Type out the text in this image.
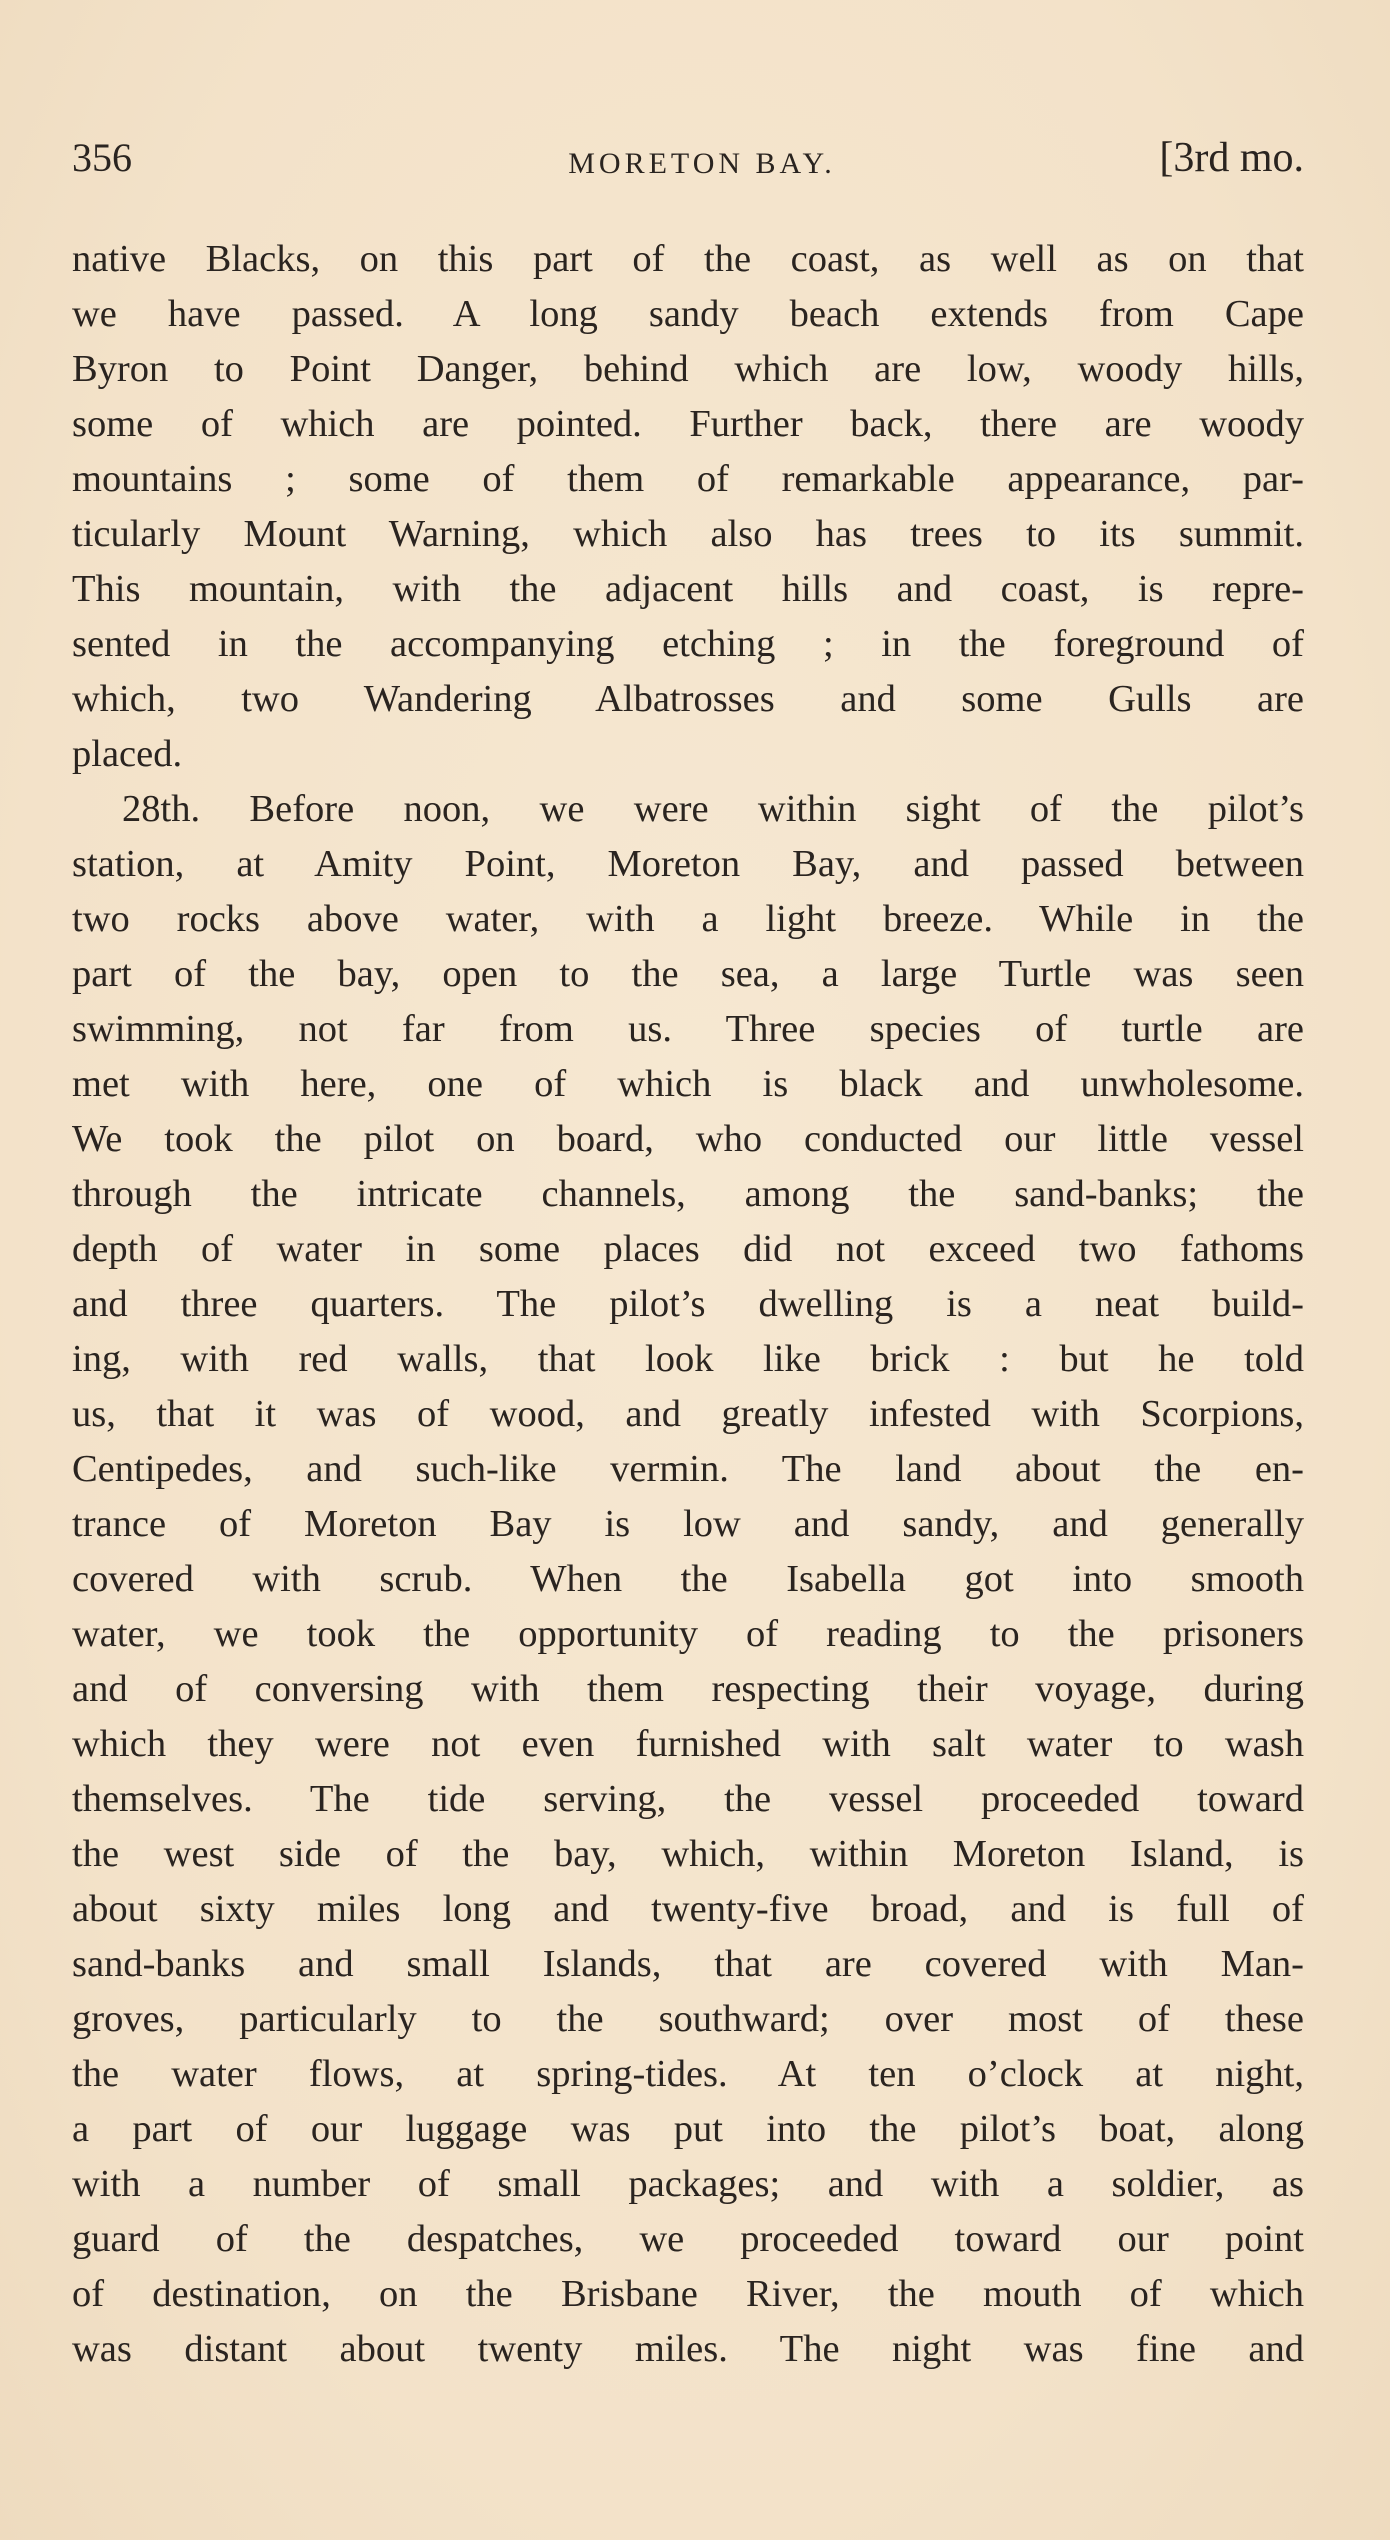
356	MORETON BAY.	[3rd mo.
native Blacks, on this part of the coast, as well as on that
we have passed. A long sandy beach extends from Cape
Byron to Point Danger, behind which are low, woody hills,
some of which are pointed. Further back, there are woody
mountains ; some of them of remarkable appearance, par-
ticularly Mount Warning, which also has trees to its summit.
This mountain, with the adjacent hills and coast, is repre-
sented in the accompanying etching ; in the foreground of
which, two Wandering Albatrosses and some Gulls are
placed.
28th. Before noon, we were within sight of the pilot’s
station, at Amity Point, Moreton Bay, and passed between
two rocks above water, with a light breeze. While in the
part of the bay, open to the sea, a large Turtle was seen
swimming, not far from us. Three species of turtle are
met with here, one of which is black and unwholesome.
We took the pilot on board, who conducted our little vessel
through the intricate channels, among the sand-banks; the
depth of water in some places did not exceed two fathoms
and three quarters. The pilot’s dwelling is a neat build-
ing, with red walls, that look like brick : but he told
us, that it was of wood, and greatly infested with Scorpions,
Centipedes, and such-like vermin. The land about the en-
trance of Moreton Bay is low and sandy, and generally
covered with scrub. When the Isabella got into smooth
water, we took the opportunity of reading to the prisoners
and of conversing with them respecting their voyage, during
which they were not even furnished with salt water to wash
themselves. The tide serving, the vessel proceeded toward
the west side of the bay, which, within Moreton Island, is
about sixty miles long and twenty-five broad, and is full of
sand-banks and small Islands, that are covered with Man-
groves, particularly to the southward; over most of these
the water flows, at spring-tides. At ten o’clock at night,
a part of our luggage was put into the pilot’s boat, along
with a number of small packages; and with a soldier, as
guard of the despatches, we proceeded toward our point
of destination, on the Brisbane River, the mouth of which
was distant about twenty miles. The night was fine and
